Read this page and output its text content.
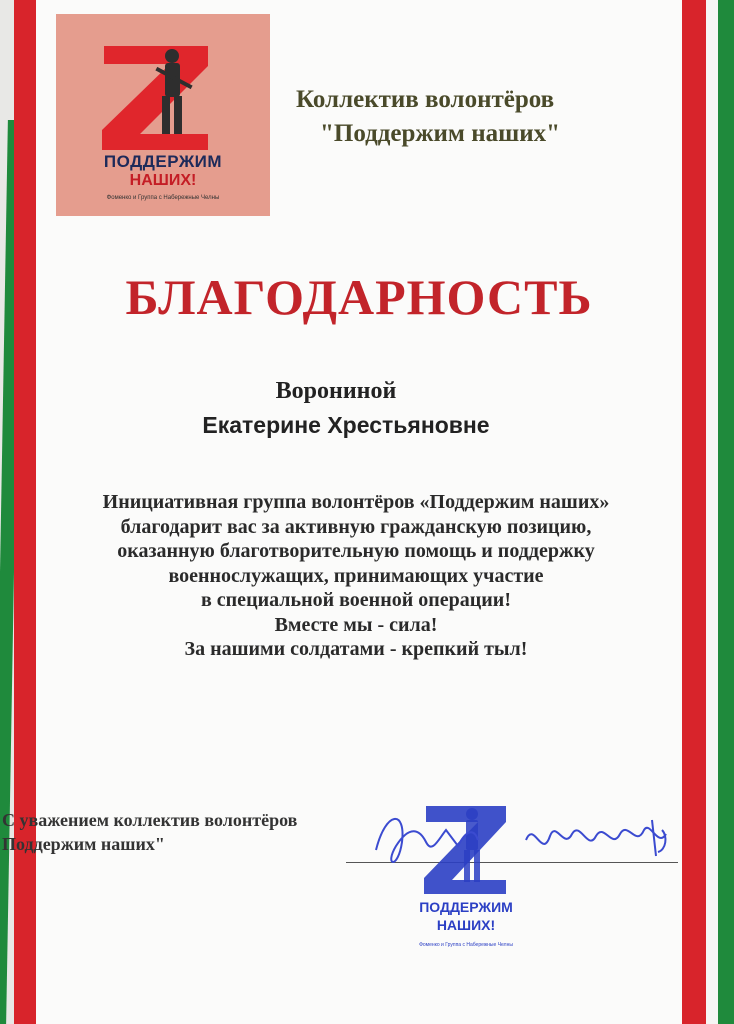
ПОДДЕРЖИМ
НАШИХ!
Фоменко и Группа с Набережные Челны
Коллектив волонтёров
"Поддержим наших"
БЛАГОДАРНОСТЬ
Ворониной
Екатерине Хрестьяновне
Инициативная группа волонтёров «Поддержим наших»
благодарит вас за активную гражданскую позицию,
оказанную благотворительную помощь и поддержку
военнослужащих, принимающих участие
в специальной военной операции!
Вместе мы - сила!
За нашими солдатами - крепкий тыл!
С уважением коллектив волонтёров
Поддержим наших"
ПОДДЕРЖИМ
НАШИХ!
Фоменко и Группа с Набережные Челны
